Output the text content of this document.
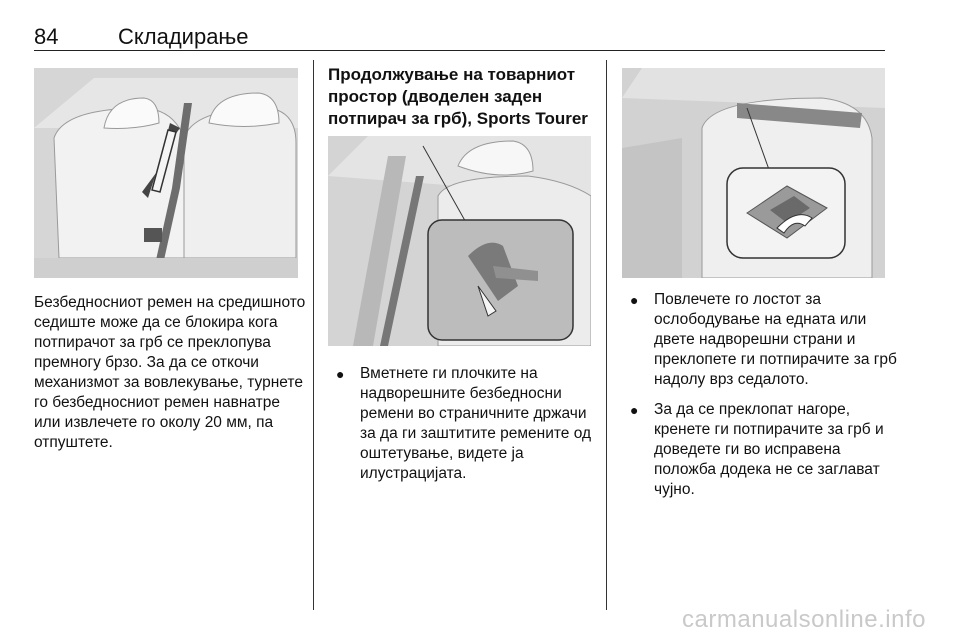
84	Складирање
Безбедносниот ремен на средишното седиште може да се блокира кога потпирачот за грб се преклопува премногу брзо. За да се откочи механизмот за вовлекување, турнете го безбедносниот ремен навнатре или извлечете го околу 20 мм, па отпуштете.
Продолжување на товарниот простор (дводелен заден потпирач за грб), Sports Tourer
● Вметнете ги плочките на надворешните безбедносни ремени во страничните држачи за да ги заштитите ремените од оштетување, видете ја илустрацијата.
● Повлечете го лостот за ослободување на едната или двете надворешни страни и преклопете ги потпирачите за грб надолу врз седалото.
● За да се преклопат нагоре, кренете ги потпирачите за грб и доведете ги во исправена положба додека не се заглават чујно.
carmanualsonline.info
